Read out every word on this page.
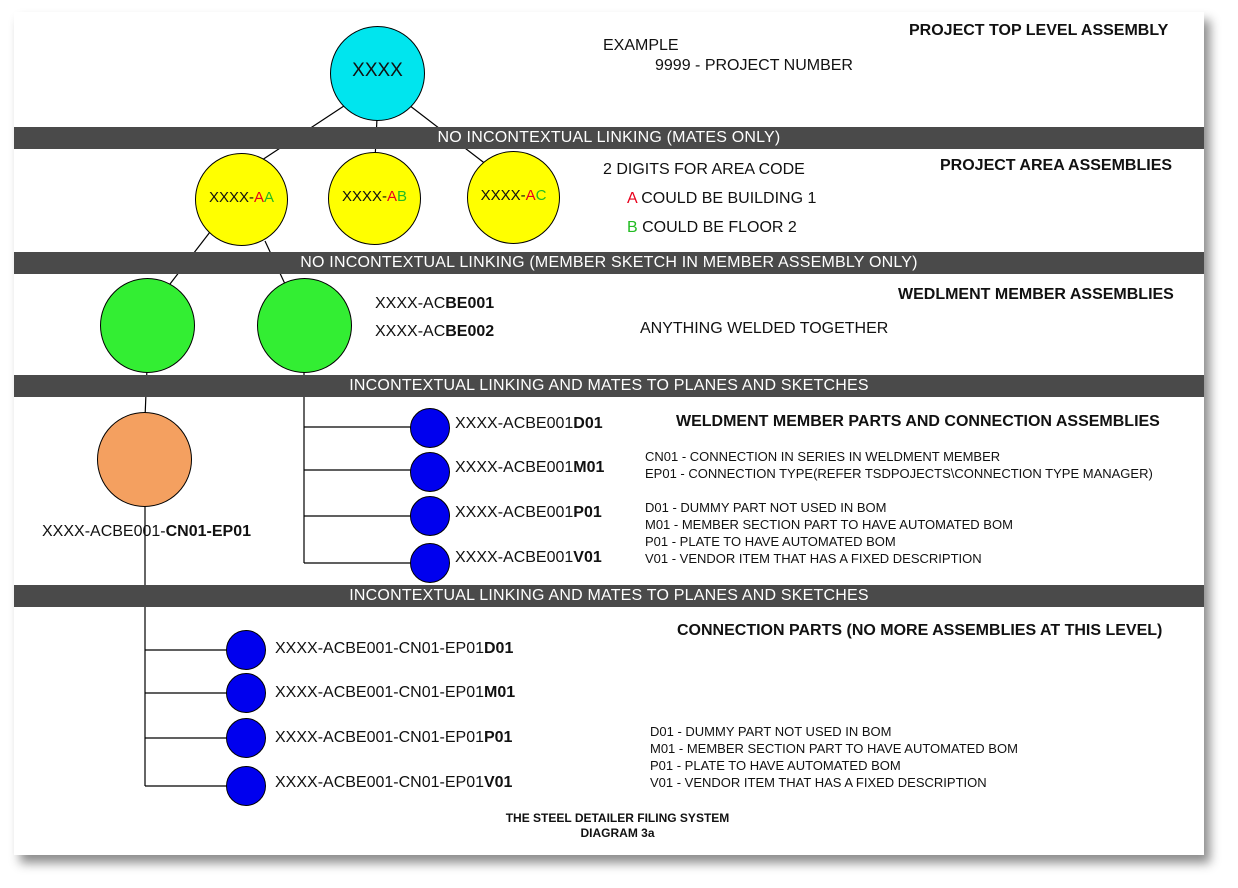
PROJECT TOP LEVEL ASSEMBLY
PROJECT AREA ASSEMBLIES
WEDLMENT MEMBER ASSEMBLIES
WELDMENT MEMBER PARTS AND CONNECTION ASSEMBLIES
CONNECTION PARTS (NO MORE ASSEMBLIES AT THIS LEVEL)
NO INCONTEXTUAL LINKING (MATES ONLY)
NO INCONTEXTUAL LINKING (MEMBER SKETCH IN MEMBER ASSEMBLY ONLY)
INCONTEXTUAL LINKING AND MATES TO PLANES AND SKETCHES
INCONTEXTUAL LINKING AND MATES TO PLANES AND SKETCHES
EXAMPLE
9999 - PROJECT NUMBER
XXXX
XXXX-AA	XXXX-AB	XXXX-AC
2 DIGITS FOR AREA CODE
A COULD BE BUILDING 1
B COULD BE FLOOR 2
XXXX-ACBE001
XXXX-ACBE002	ANYTHING WELDED TOGETHER
XXXX-ACBE001-CN01-EP01
XXXX-ACBE001D01
XXXX-ACBE001M01
XXXX-ACBE001P01
XXXX-ACBE001V01
CN01 - CONNECTION IN SERIES IN WELDMENT MEMBER
EP01 - CONNECTION TYPE(REFER TSDPOJECTS\CONNECTION TYPE MANAGER)
D01 - DUMMY PART NOT USED IN BOM
M01 - MEMBER SECTION PART TO HAVE AUTOMATED BOM
P01 - PLATE TO HAVE AUTOMATED BOM
V01 - VENDOR ITEM THAT HAS A FIXED DESCRIPTION
XXXX-ACBE001-CN01-EP01D01
XXXX-ACBE001-CN01-EP01M01
XXXX-ACBE001-CN01-EP01P01
XXXX-ACBE001-CN01-EP01V01
D01 - DUMMY PART NOT USED IN BOM
M01 - MEMBER SECTION PART TO HAVE AUTOMATED BOM
P01 - PLATE TO HAVE AUTOMATED BOM
V01 - VENDOR ITEM THAT HAS A FIXED DESCRIPTION
THE STEEL DETAILER FILING SYSTEM
DIAGRAM 3a
